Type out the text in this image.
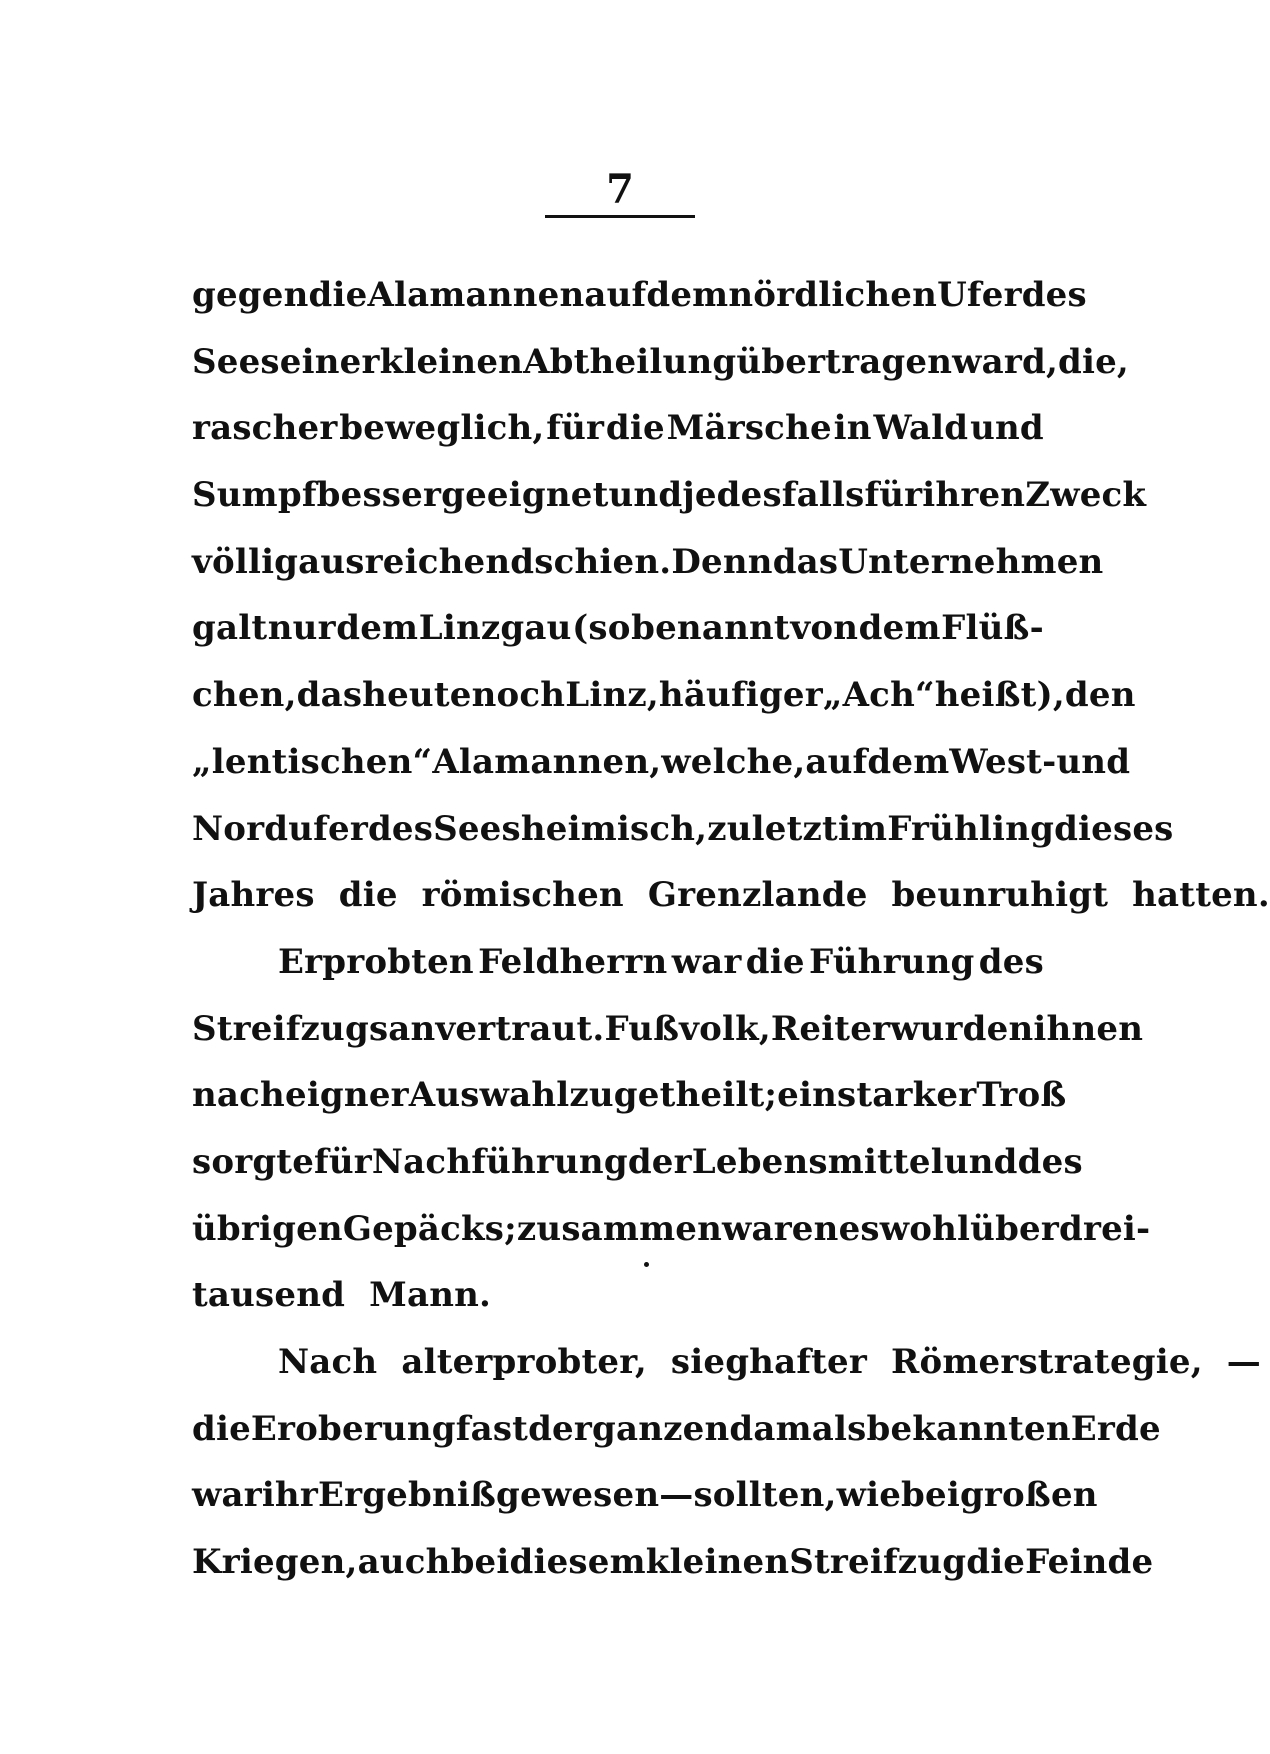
7
gegen die Alamannen auf dem nördlichen Ufer des
Sees einer kleinen Abtheilung übertragen ward, die,
rascher beweglich, für die Märsche in Wald und
Sumpf besser geeignet und jedesfalls für ihren Zweck
völlig ausreichend schien. Denn das Unternehmen
galt nur dem Linzgau (so benannt von dem Flüß-
chen, das heute noch Linz, häufiger „Ach“ heißt), den
„lentischen“ Alamannen, welche, auf dem West- und
Nordufer des Sees heimisch, zuletzt im Frühling dieses
Jahres die römischen Grenzlande beunruhigt hatten.
Erprobten Feldherrn war die Führung des
Streifzugs anvertraut. Fußvolk, Reiter wurden ihnen
nach eigner Auswahl zugetheilt; ein starker Troß
sorgte für Nachführung der Lebensmittel und des
übrigen Gepäcks; zusammen waren es wohl über drei-
tausend Mann.
Nach alterprobter, sieghafter Römerstrategie, —
die Eroberung fast der ganzen damals bekannten Erde
war ihr Ergebniß gewesen — sollten, wie bei großen
Kriegen, auch bei diesem kleinen Streifzug die Feinde
